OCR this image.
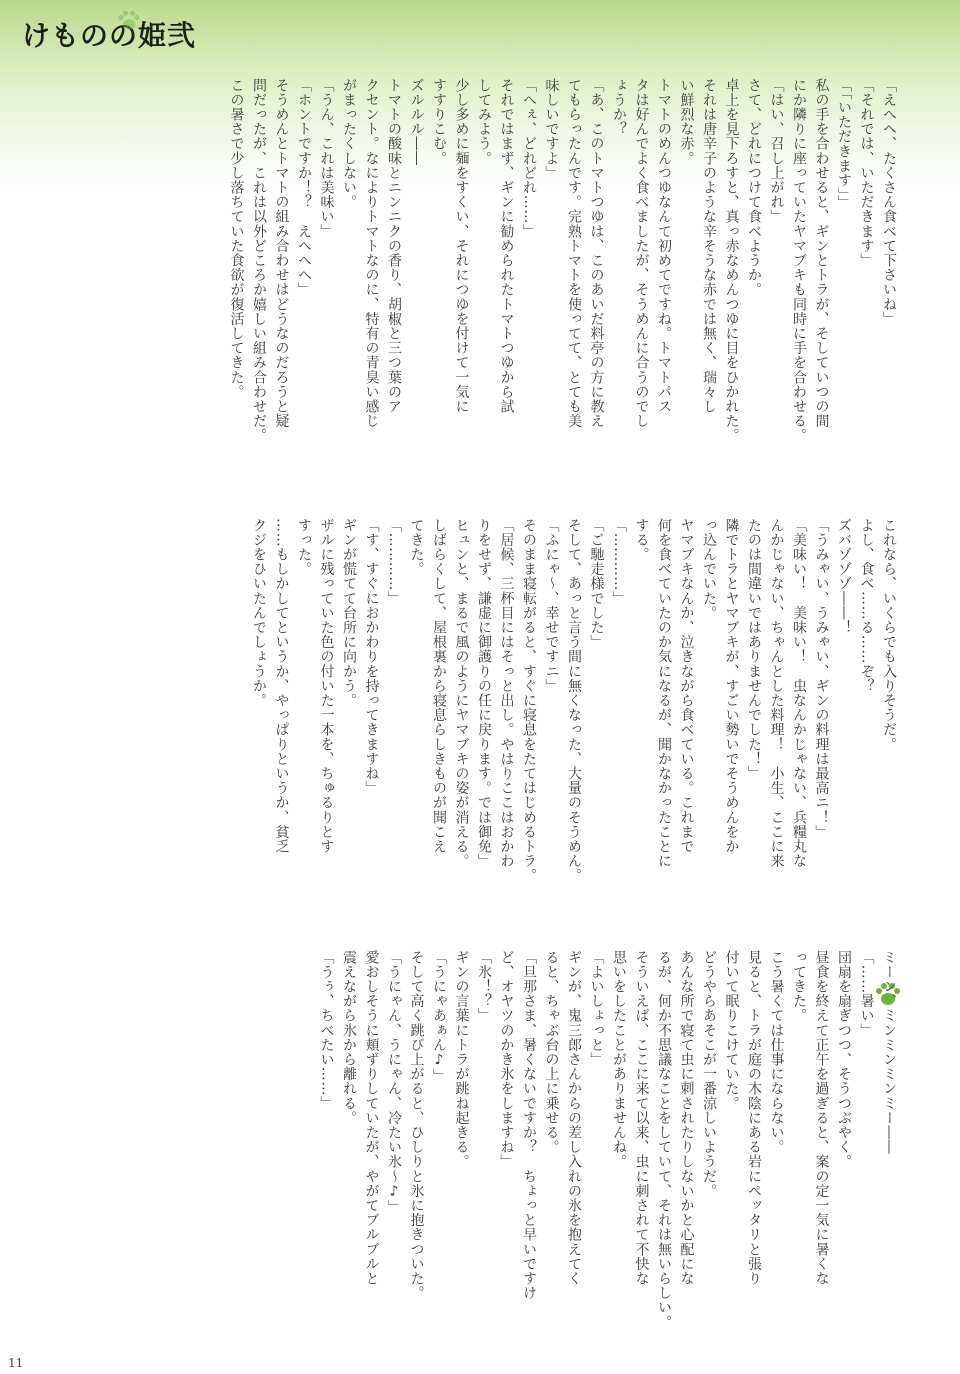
けものの姫弐
「えへへ、たくさん食べて下さいね」
「それでは、いただきます」
「「いただきます」」
私の手を合わせると、ギンとトラが、そしていつの間
にか隣りに座っていたヤマブキも同時に手を合わせる。
「はい、召し上がれ」
さて、どれにつけて食べようか。
卓上を見下ろすと、真っ赤なめんつゆに目をひかれた。
それは唐辛子のような辛そうな赤では無く、瑞々し
い鮮烈な赤。
トマトのめんつゆなんて初めてですね。トマトパス
タは好んでよく食べましたが、そうめんに合うのでし
ょうか？
「あ、このトマトつゆは、このあいだ料亭の方に教え
てもらったんです。完熟トマトを使ってて、とても美
味しいですよ」
「へぇ、どれどれ……」
それではまず、ギンに勧められたトマトつゆから試
してみよう。
少し多めに麺をすくい、それにつゆを付けて一気に
すすりこむ。
ズルルル――
トマトの酸味とニンニクの香り、胡椒と三つ葉のア
クセント。なによりトマトなのに、特有の青臭い感じ
がまったくしない。
「うん、これは美味い」
「ホントですか！？　えへへへ」
そうめんとトマトの組み合わせはどうなのだろうと疑
問だったが、これは以外どころか嬉しい組み合わせだ。
この暑さで少し落ちていた食欲が復活してきた。
これなら、いくらでも入りそうだ。
よし、食べ……る……ぞ？
ズバゾゾゾ――！
「うみゃい、うみゃい、ギンの料理は最高ニ！」
「美味い！　美味い！　虫なんかじゃない、兵糧丸な
んかじゃない、ちゃんとした料理！　小生、ここに来
たのは間違いではありませんでした！」
隣でトラとヤマブキが、すごい勢いでそうめんをか
っ込んでいた。
ヤマブキなんか、泣きながら食べている。これまで
何を食べていたのか気になるが、聞かなかったことに
する。
「…………」
「ご馳走様でした」
そして、あっと言う間に無くなった、大量のそうめん。
「ふにゃ～、幸せですニ」
そのまま寝転がると、すぐに寝息をたてはじめるトラ。
「居候、三杯目にはそっと出し。やはりここはおかわ
りをせず、謙虚に御護りの任に戻ります。では御免」
ヒュンと、まるで風のようにヤマブキの姿が消える。
しばらくして、屋根裏から寝息らしきものが聞こえ
てきた。
「…………」
「す、すぐにおかわりを持ってきますね」
ギンが慌てて台所に向かう。
ザルに残っていた色の付いた一本を、ちゅるりとす
すった。
……もしかしてというか、やっぱりというか、貧乏
クジをひいたんでしょうか。
ミーン、ミンミンミンミー――
「……暑い」
団扇を扇ぎつつ、そうつぶやく。
昼食を終えて正午を過ぎると、案の定一気に暑くな
ってきた。
こう暑くては仕事にならない。
見ると、トラが庭の木陰にある岩にペッタリと張り
付いて眠りこけていた。
どうやらあそこが一番涼しいようだ。
あんな所で寝て虫に刺されたりしないかと心配にな
るが、何か不思議なことをしていて、それは無いらしい。
そういえば、ここに来て以来、虫に刺されて不快な
思いをしたことがありませんね。
「よいしょっと」
ギンが、鬼三郎さんからの差し入れの氷を抱えてく
ると、ちゃぶ台の上に乗せる。
「旦那さま、暑くないですか？　ちょっと早いですけ
ど、オヤツのかき氷をしますね」
「氷！？」
ギンの言葉にトラが跳ね起きる。
「うにゃあぁん♪」
そして高く跳び上がると、ひしりと氷に抱きついた。
「うにゃん、うにゃん、冷たい氷～♪」
愛おしそうに頬ずりしていたが、やがてブルブルと
震えながら氷から離れる。
「うぅ、ちべたい……」
11
